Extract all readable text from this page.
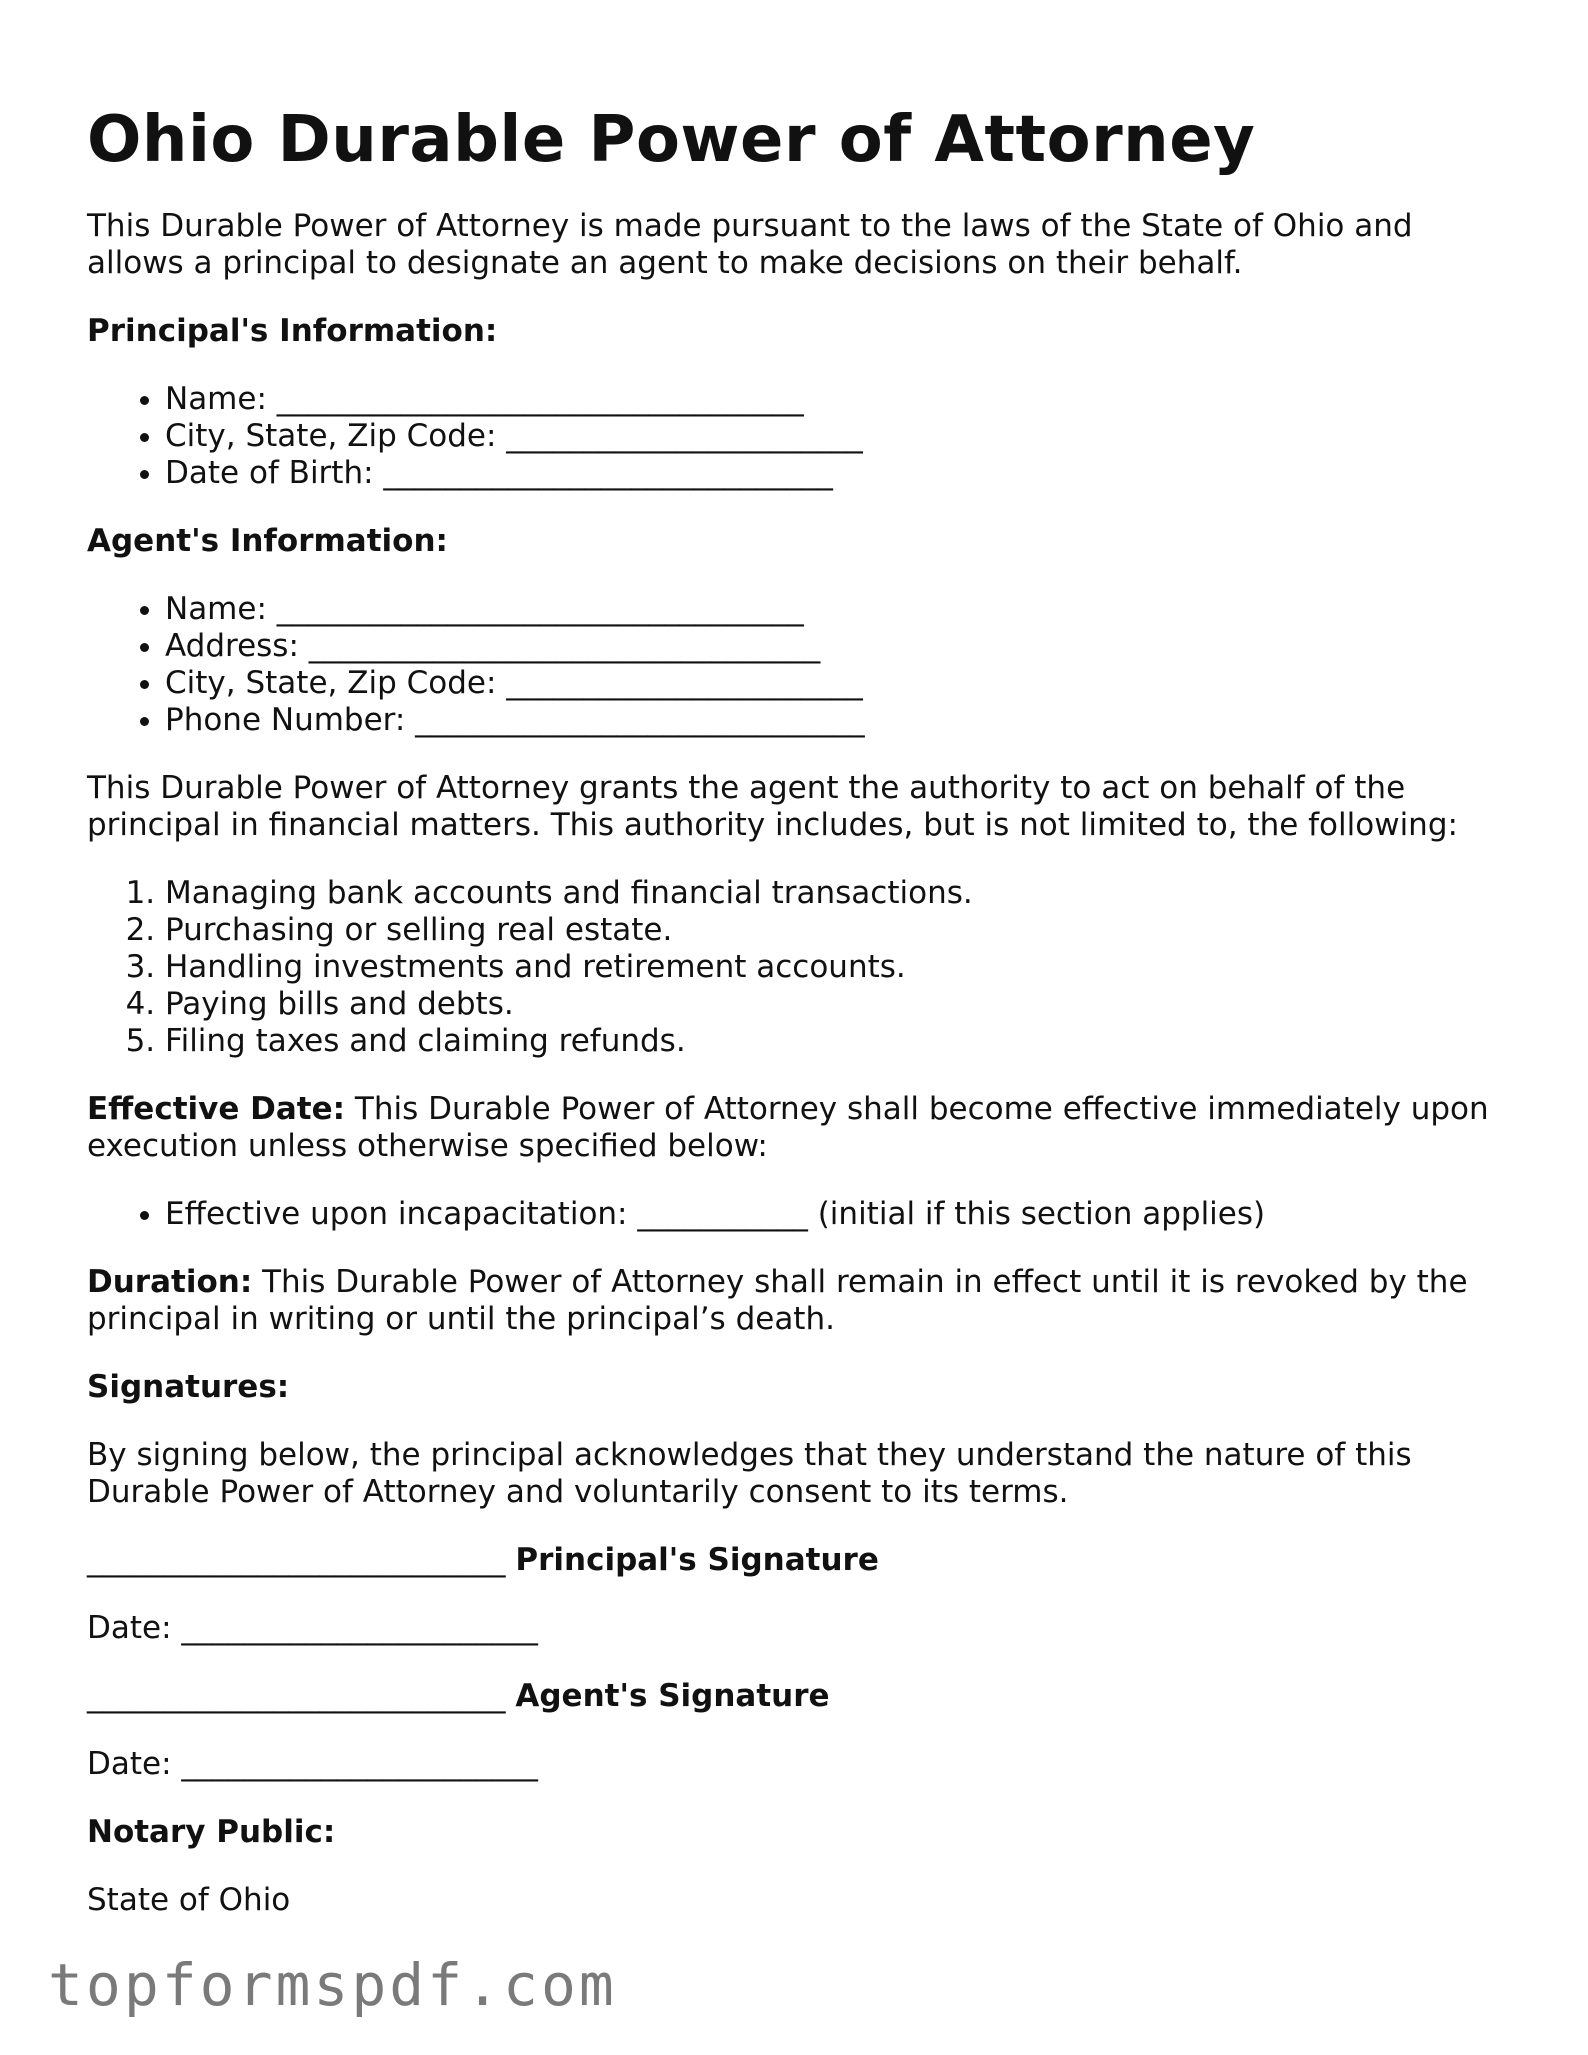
Ohio Durable Power of Attorney

This Durable Power of Attorney is made pursuant to the laws of the State of Ohio and allows a principal to designate an agent to make decisions on their behalf.

Principal's Information:

• Name: __________________________________
• City, State, Zip Code: _______________________
• Date of Birth: _____________________________

Agent's Information:

• Name: __________________________________
• Address: _________________________________
• City, State, Zip Code: _______________________
• Phone Number: _____________________________

This Durable Power of Attorney grants the agent the authority to act on behalf of the principal in financial matters. This authority includes, but is not limited to, the following:

1. Managing bank accounts and financial transactions.
2. Purchasing or selling real estate.
3. Handling investments and retirement accounts.
4. Paying bills and debts.
5. Filing taxes and claiming refunds.

Effective Date: This Durable Power of Attorney shall become effective immediately upon execution unless otherwise specified below:

• Effective upon incapacitation: ___________ (initial if this section applies)

Duration: This Durable Power of Attorney shall remain in effect until it is revoked by the principal in writing or until the principal’s death.

Signatures:

By signing below, the principal acknowledges that they understand the nature of this Durable Power of Attorney and voluntarily consent to its terms.

___________________________ Principal's Signature

Date: _______________________

___________________________ Agent's Signature

Date: _______________________

Notary Public:

State of Ohio

topformspdf.com
